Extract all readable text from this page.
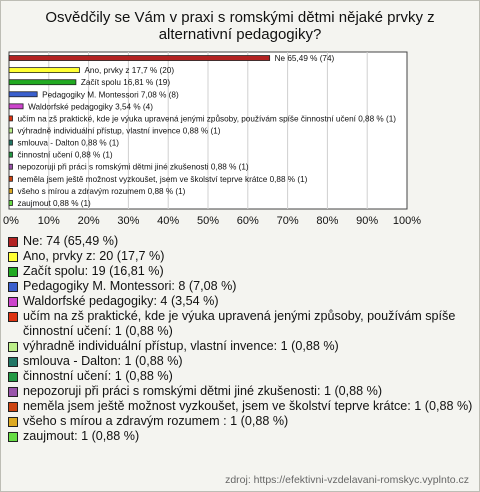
Osvědčily se Vám v praxi s romskými dětmi nějaké prvky z alternativní pedagogiky?
0% 10% 20% 30% 40% 50% 60% 70% 80% 90% 100%
Ne 65,49 % (74)
Ano, prvky z 17,7 % (20)
Začít spolu 16,81 % (19)
Pedagogiky M. Montessori 7,08 % (8)
Waldorfské pedagogiky 3,54 % (4)
učím na zš praktické, kde je výuka upravená jenými způsoby, používám spíše činnostní učení 0,88 % (1)
výhradně individuální přístup, vlastní invence 0,88 % (1)
smlouva - Dalton 0,88 % (1)
činnostní učení 0,88 % (1)
nepozoruji při práci s romskými dětmi jiné zkušenosti 0,88 % (1)
neměla jsem ještě možnost vyzkoušet, jsem ve školství teprve krátce 0,88 % (1)
všeho s mírou a zdravým rozumem 0,88 % (1)
zaujmout 0,88 % (1)
Ne: 74 (65,49 %)
Ano, prvky z: 20 (17,7 %)
Začít spolu: 19 (16,81 %)
Pedagogiky M. Montessori: 8 (7,08 %)
Waldorfské pedagogiky: 4 (3,54 %)
učím na zš praktické, kde je výuka upravená jenými způsoby, používám spíše činnostní učení: 1 (0,88 %)
výhradně individuální přístup, vlastní invence: 1 (0,88 %)
smlouva - Dalton: 1 (0,88 %)
činnostní učení: 1 (0,88 %)
nepozoruji při práci s romskými dětmi jiné zkušenosti: 1 (0,88 %)
neměla jsem ještě možnost vyzkoušet, jsem ve školství teprve krátce: 1 (0,88 %)
všeho s mírou a zdravým rozumem : 1 (0,88 %)
zaujmout: 1 (0,88 %)
zdroj: https://efektivni-vzdelavani-romskyc.vyplnto.cz
